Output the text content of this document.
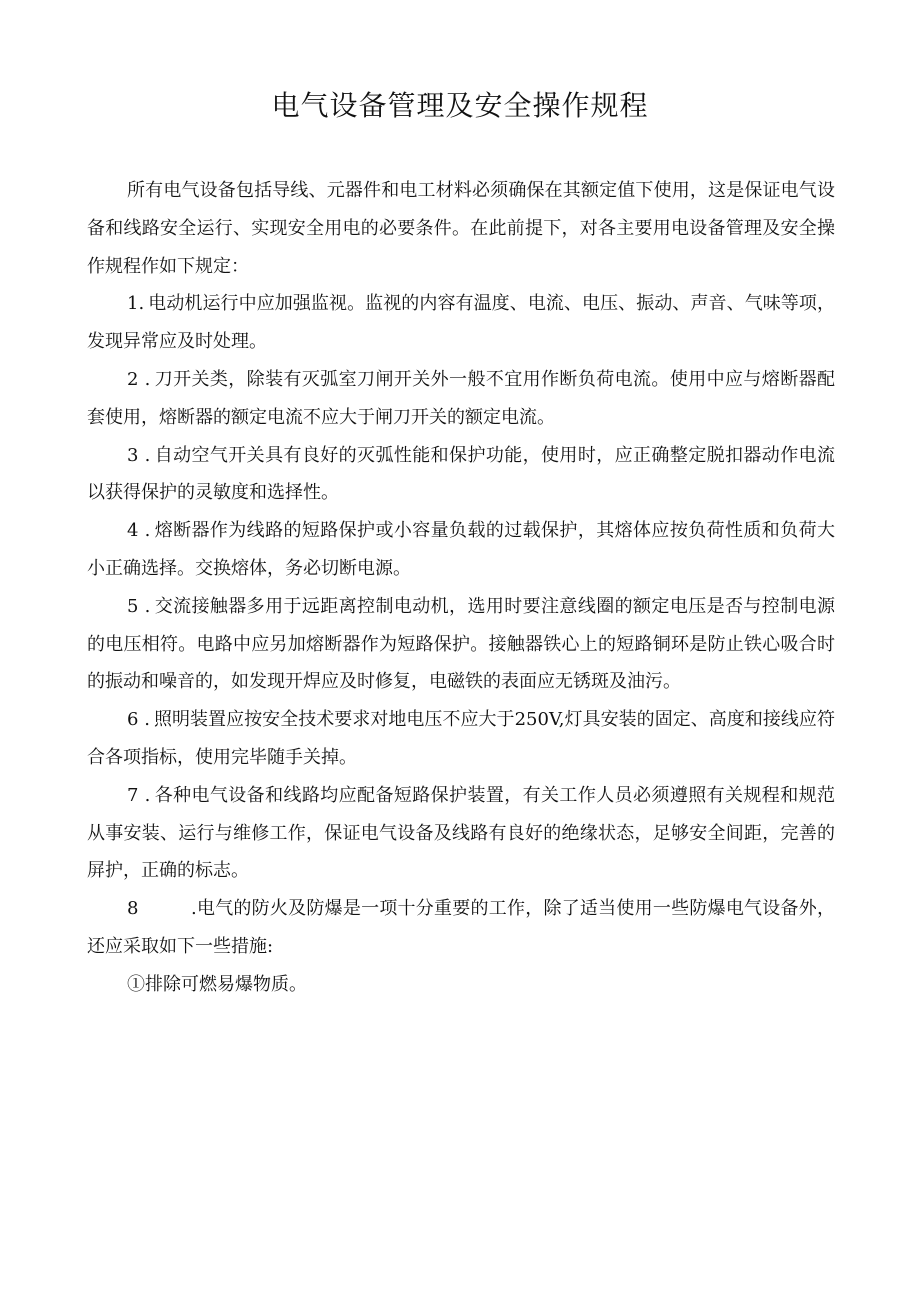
电气设备管理及安全操作规程

所有电气设备包括导线、元器件和电工材料必须确保在其额定值下使用，这是保证电气设备和线路安全运行、实现安全用电的必要条件。在此前提下，对各主要用电设备管理及安全操作规程作如下规定：

1. 电动机运行中应加强监视。监视的内容有温度、电流、电压、振动、声音、气味等项，发现异常应及时处理。

2 . 刀开关类，除装有灭弧室刀闸开关外一般不宜用作断负荷电流。使用中应与熔断器配套使用，熔断器的额定电流不应大于闸刀开关的额定电流。

3 . 自动空气开关具有良好的灭弧性能和保护功能，使用时，应正确整定脱扣器动作电流以获得保护的灵敏度和选择性。

4 . 熔断器作为线路的短路保护或小容量负载的过载保护，其熔体应按负荷性质和负荷大小正确选择。交换熔体，务必切断电源。

5 . 交流接触器多用于远距离控制电动机，选用时要注意线圈的额定电压是否与控制电源的电压相符。电路中应另加熔断器作为短路保护。接触器铁心上的短路铜环是防止铁心吸合时的振动和噪音的，如发现开焊应及时修复，电磁铁的表面应无锈斑及油污。

6 . 照明装置应按安全技术要求对地电压不应大于250V,灯具安装的固定、高度和接线应符合各项指标，使用完毕随手关掉。

7 . 各种电气设备和线路均应配备短路保护装置，有关工作人员必须遵照有关规程和规范从事安装、运行与维修工作，保证电气设备及线路有良好的绝缘状态，足够安全间距，完善的屏护，正确的标志。

8	.电气的防火及防爆是一项十分重要的工作，除了适当使用一些防爆电气设备外，还应采取如下一些措施:

①排除可燃易爆物质。
